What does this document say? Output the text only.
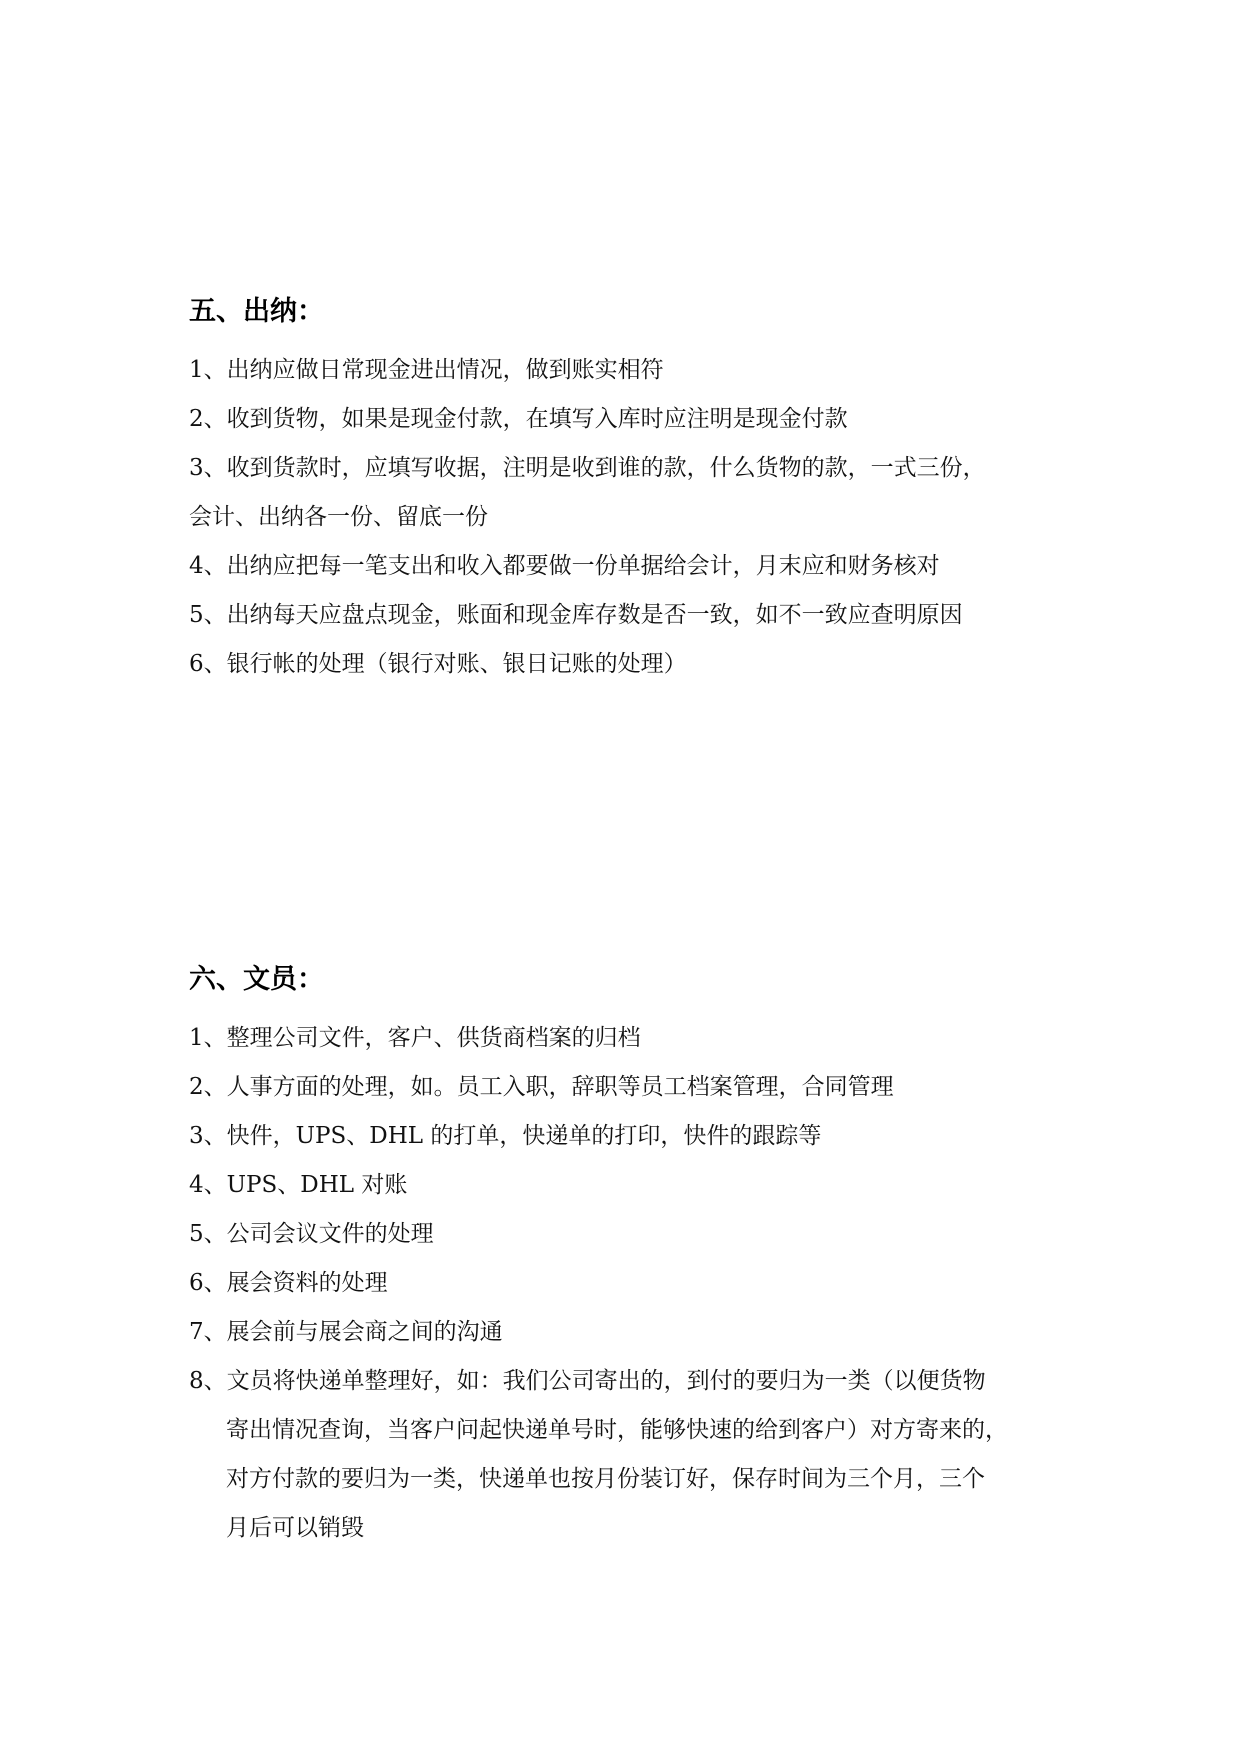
五、出纳：
1、出纳应做日常现金进出情况，做到账实相符
2、收到货物，如果是现金付款，在填写入库时应注明是现金付款
3、收到货款时，应填写收据，注明是收到谁的款，什么货物的款，一式三份，
会计、出纳各一份、留底一份
4、出纳应把每一笔支出和收入都要做一份单据给会计，月末应和财务核对
5、出纳每天应盘点现金，账面和现金库存数是否一致，如不一致应查明原因
6、银行帐的处理（银行对账、银日记账的处理）
六、文员：
1、整理公司文件，客户、供货商档案的归档
2、人事方面的处理，如。员工入职，辞职等员工档案管理，合同管理
3、快件，UPS、DHL 的打单，快递单的打印，快件的跟踪等
4、UPS、DHL 对账
5、公司会议文件的处理
6、展会资料的处理
7、展会前与展会商之间的沟通
8、文员将快递单整理好，如：我们公司寄出的，到付的要归为一类（以便货物
寄出情况查询，当客户问起快递单号时，能够快速的给到客户）对方寄来的，
对方付款的要归为一类，快递单也按月份装订好，保存时间为三个月，三个
月后可以销毁
